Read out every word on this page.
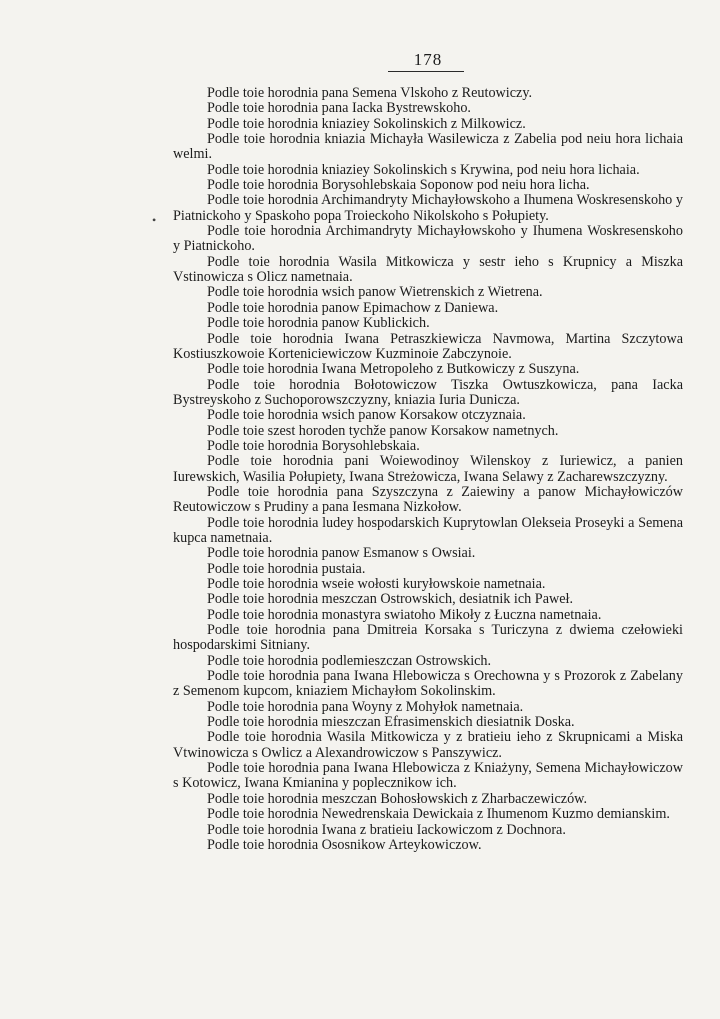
178
•

Podle toie horodnia pana Semena Vlskoho z Reutowiczy.

Podle toie horodnia pana Iacka Bystrewskoho.

Podle toie horodnia kniaziey Sokolinskich z Milkowicz.

Podle toie horodnia kniazia Michayła Wasilewicza z Zabelia pod neiu hora lichaia welmi.

Podle toie horodnia kniaziey Sokolinskich s Krywina, pod neiu hora lichaia.

Podle toie horodnia Borysohlebskaia Soponow pod neiu hora licha.

Podle toie horodnia Archimandryty Michayłowskoho a Ihumena Woskresenskoho y Piatnickoho y Spaskoho popa Troieckoho Nikolskoho s Połupiety.

Podle toie horodnia Archimandryty Michayłowskoho y Ihumena Woskresenskoho y Piatnickoho.

Podle toie horodnia Wasila Mitkowicza y sestr ieho s Krupnicy a Miszka Vstinowicza s Olicz nametnaia.

Podle toie horodnia wsich panow Wietrenskich z Wietrena.

Podle toie horodnia panow Epimachow z Daniewa.

Podle toie horodnia panow Kublickich.

Podle toie horodnia Iwana Petraszkiewicza Navmowa, Martina Szczytowa Kostiuszkowoie Korteniciewiczow Kuzminoie Zabczynoie.

Podle toie horodnia Iwana Metropoleho z Butkowiczy z Suszyna.

Podle toie horodnia Bołotowiczow Tiszka Owtuszkowicza, pana Iacka Bystreyskoho z Suchoporowszczyzny, kniazia Iuria Dunicza.

Podle toie horodnia wsich panow Korsakow otczyznaia.

Podle toie szest horoden tychže panow Korsakow nametnych.

Podle toie horodnia Borysohlebskaia.

Podle toie horodnia pani Woiewodinoy Wilenskoy z Iuriewicz, a panien Iurewskich, Wasilia Połupiety, Iwana Streżowicza, Iwana Selawy z Zacharewszczyzny.

Podle toie horodnia pana Szyszczyna z Zaiewiny a panow Michayłowiczów Reutowiczow s Prudiny a pana Iesmana Nizkołow.

Podle toie horodnia ludey hospodarskich Kuprytowlan Olekseia Proseyki a Semena kupca nametnaia.

Podle toie horodnia panow Esmanow s Owsiai.

Podle toie horodnia pustaia.

Podle toie horodnia wseie wołosti kuryłowskoie nametnaia.

Podle toie horodnia meszczan Ostrowskich, desiatnik ich Paweł.

Podle toie horodnia monastyra swiatoho Mikoły z Łuczna nametnaia.

Podle toie horodnia pana Dmitreia Korsaka s Turiczyna z dwiema czełowieki hospodarskimi Sitniany.

Podle toie horodnia podlemieszczan Ostrowskich.

Podle toie horodnia pana Iwana Hlebowicza s Orechowna y s Prozorok z Zabelany z Semenom kupcom, kniaziem Michayłom Sokolinskim.

Podle toie horodnia pana Woyny z Mohyłok nametnaia.

Podle toie horodnia mieszczan Efrasimenskich diesiatnik Doska.

Podle toie horodnia Wasila Mitkowicza y z bratieiu ieho z Skrupnicami a Miska Vtwinowicza s Owlicz a Alexandrowiczow s Panszywicz.

Podle toie horodnia pana Iwana Hlebowicza z Kniażyny, Semena Michayłowiczow s Kotowicz, Iwana Kmianina y poplecznikow ich.

Podle toie horodnia meszczan Bohosłowskich z Zharbaczewiczów.

Podle toie horodnia Newedrenskaia Dewickaia z Ihumenom Kuzmo demianskim.

Podle toie horodnia Iwana z bratieiu Iackowiczom z Dochnora.

Podle toie horodnia Ososnikow Arteykowiczow.
